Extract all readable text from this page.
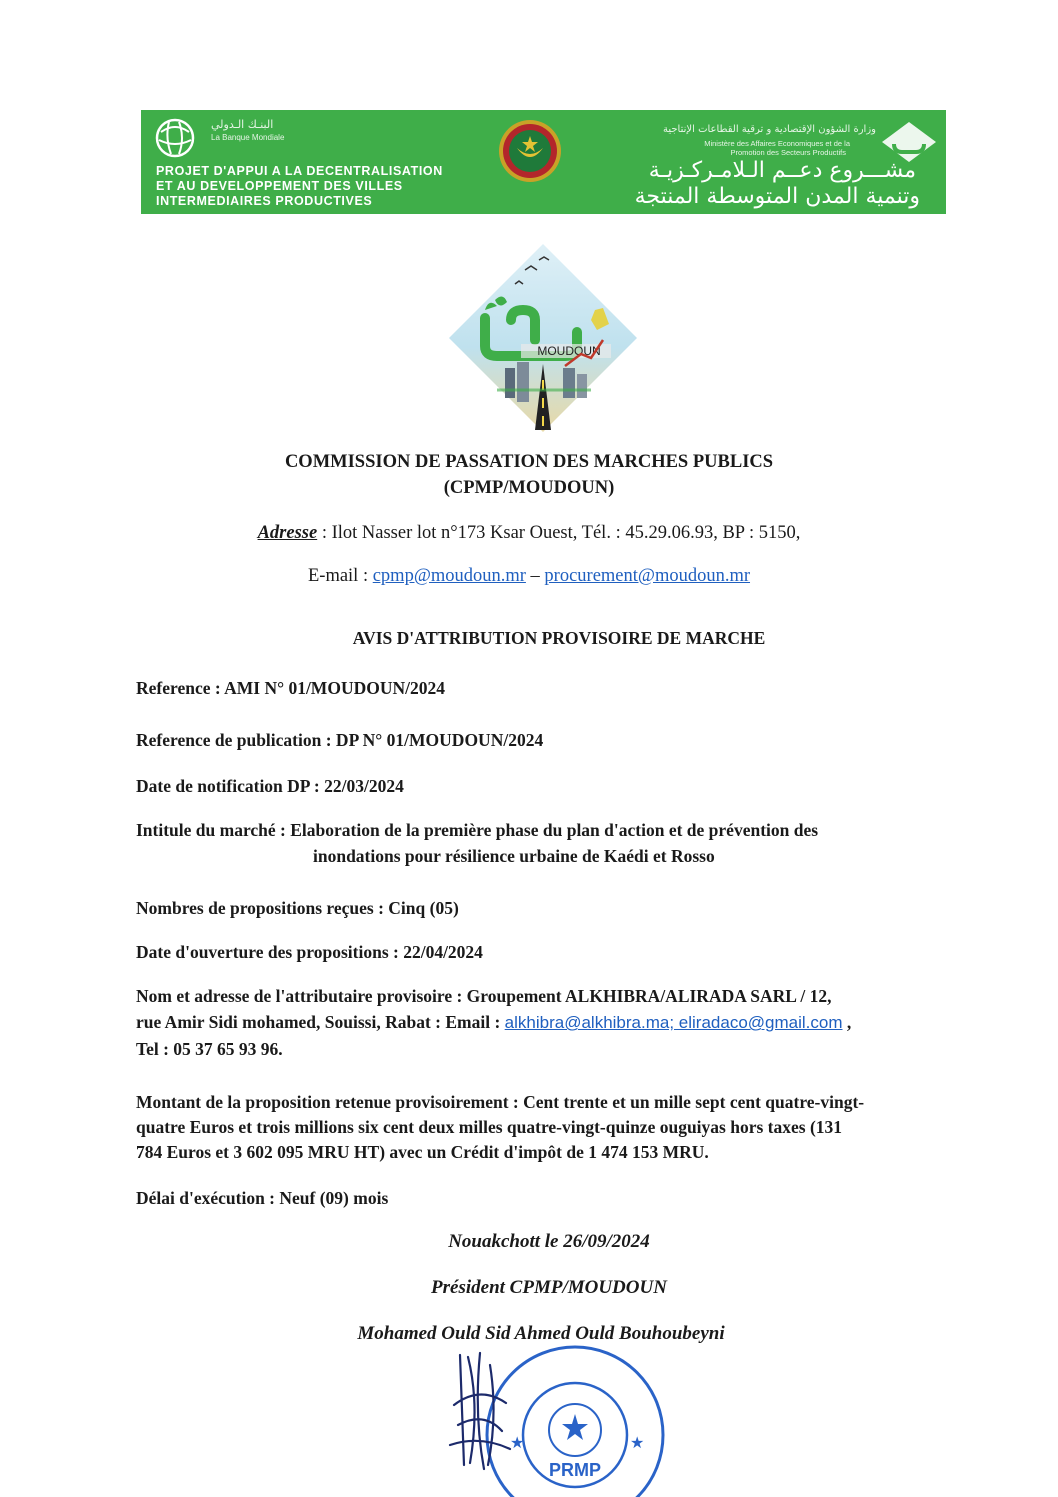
البنـك الـدولي
La Banque Mondiale
PROJET D'APPUI A LA DECENTRALISATION
ET AU DEVELOPPEMENT DES VILLES
INTERMEDIAIRES PRODUCTIVES
وزارة الشؤون الإقتصادية و ترقية القطاعات الإنتاجية
Ministère des Affaires Economiques et de la
Promotion des Secteurs Productifs
مشـــروع دعــم الـلامـركـزيـة
وتنمية المدن المتوسطة المنتجة
MOUDOUN
COMMISSION DE PASSATION DES MARCHES PUBLICS
(CPMP/MOUDOUN)
Adresse : Ilot Nasser lot n°173 Ksar Ouest, Tél. : 45.29.06.93, BP : 5150,
E-mail : cpmp@moudoun.mr – procurement@moudoun.mr
AVIS D'ATTRIBUTION PROVISOIRE DE MARCHE
Reference : AMI N° 01/MOUDOUN/2024
Reference de publication : DP N° 01/MOUDOUN/2024
Date de notification DP : 22/03/2024
Intitule du marché : Elaboration de la première phase du plan d'action et de prévention des
inondations pour résilience urbaine de Kaédi et Rosso
Nombres de propositions reçues : Cinq (05)
Date d'ouverture des propositions : 22/04/2024
Nom et adresse de l'attributaire provisoire : Groupement ALKHIBRA/ALIRADA SARL / 12,
rue Amir Sidi mohamed, Souissi, Rabat : Email : alkhibra@alkhibra.ma; eliradaco@gmail.com ,
Tel : 05 37 65 93 96.
Montant de la proposition retenue provisoirement : Cent trente et un mille sept cent quatre-vingt-
quatre Euros et trois millions six cent deux milles quatre-vingt-quinze ouguiyas hors taxes (131
784 Euros et 3 602 095 MRU HT) avec un Crédit d'impôt de 1 474 153 MRU.
Délai d'exécution : Neuf (09) mois
Nouakchott le 26/09/2024
Président CPMP/MOUDOUN
Mohamed Ould Sid Ahmed Ould Bouhoubeyni
PRMP
★	★
